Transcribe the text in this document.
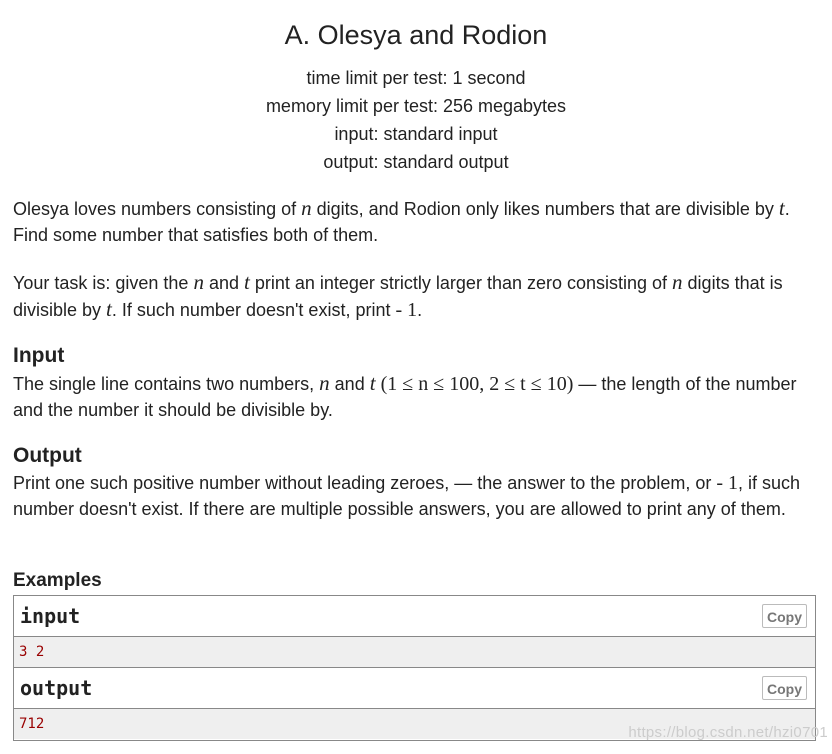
A. Olesya and Rodion
time limit per test: 1 second
memory limit per test: 256 megabytes
input: standard input
output: standard output
Olesya loves numbers consisting of n digits, and Rodion only likes numbers that are divisible by t. Find some number that satisfies both of them.
Your task is: given the n and t print an integer strictly larger than zero consisting of n digits that is divisible by t. If such number doesn't exist, print - 1.
Input
The single line contains two numbers, n and t (1 ≤ n ≤ 100, 2 ≤ t ≤ 10) — the length of the number and the number it should be divisible by.
Output
Print one such positive number without leading zeroes, — the answer to the problem, or - 1, if such number doesn't exist. If there are multiple possible answers, you are allowed to print any of them.
Examples
input	Copy
3 2
output	Copy
712	https://blog.csdn.net/hzi0701
